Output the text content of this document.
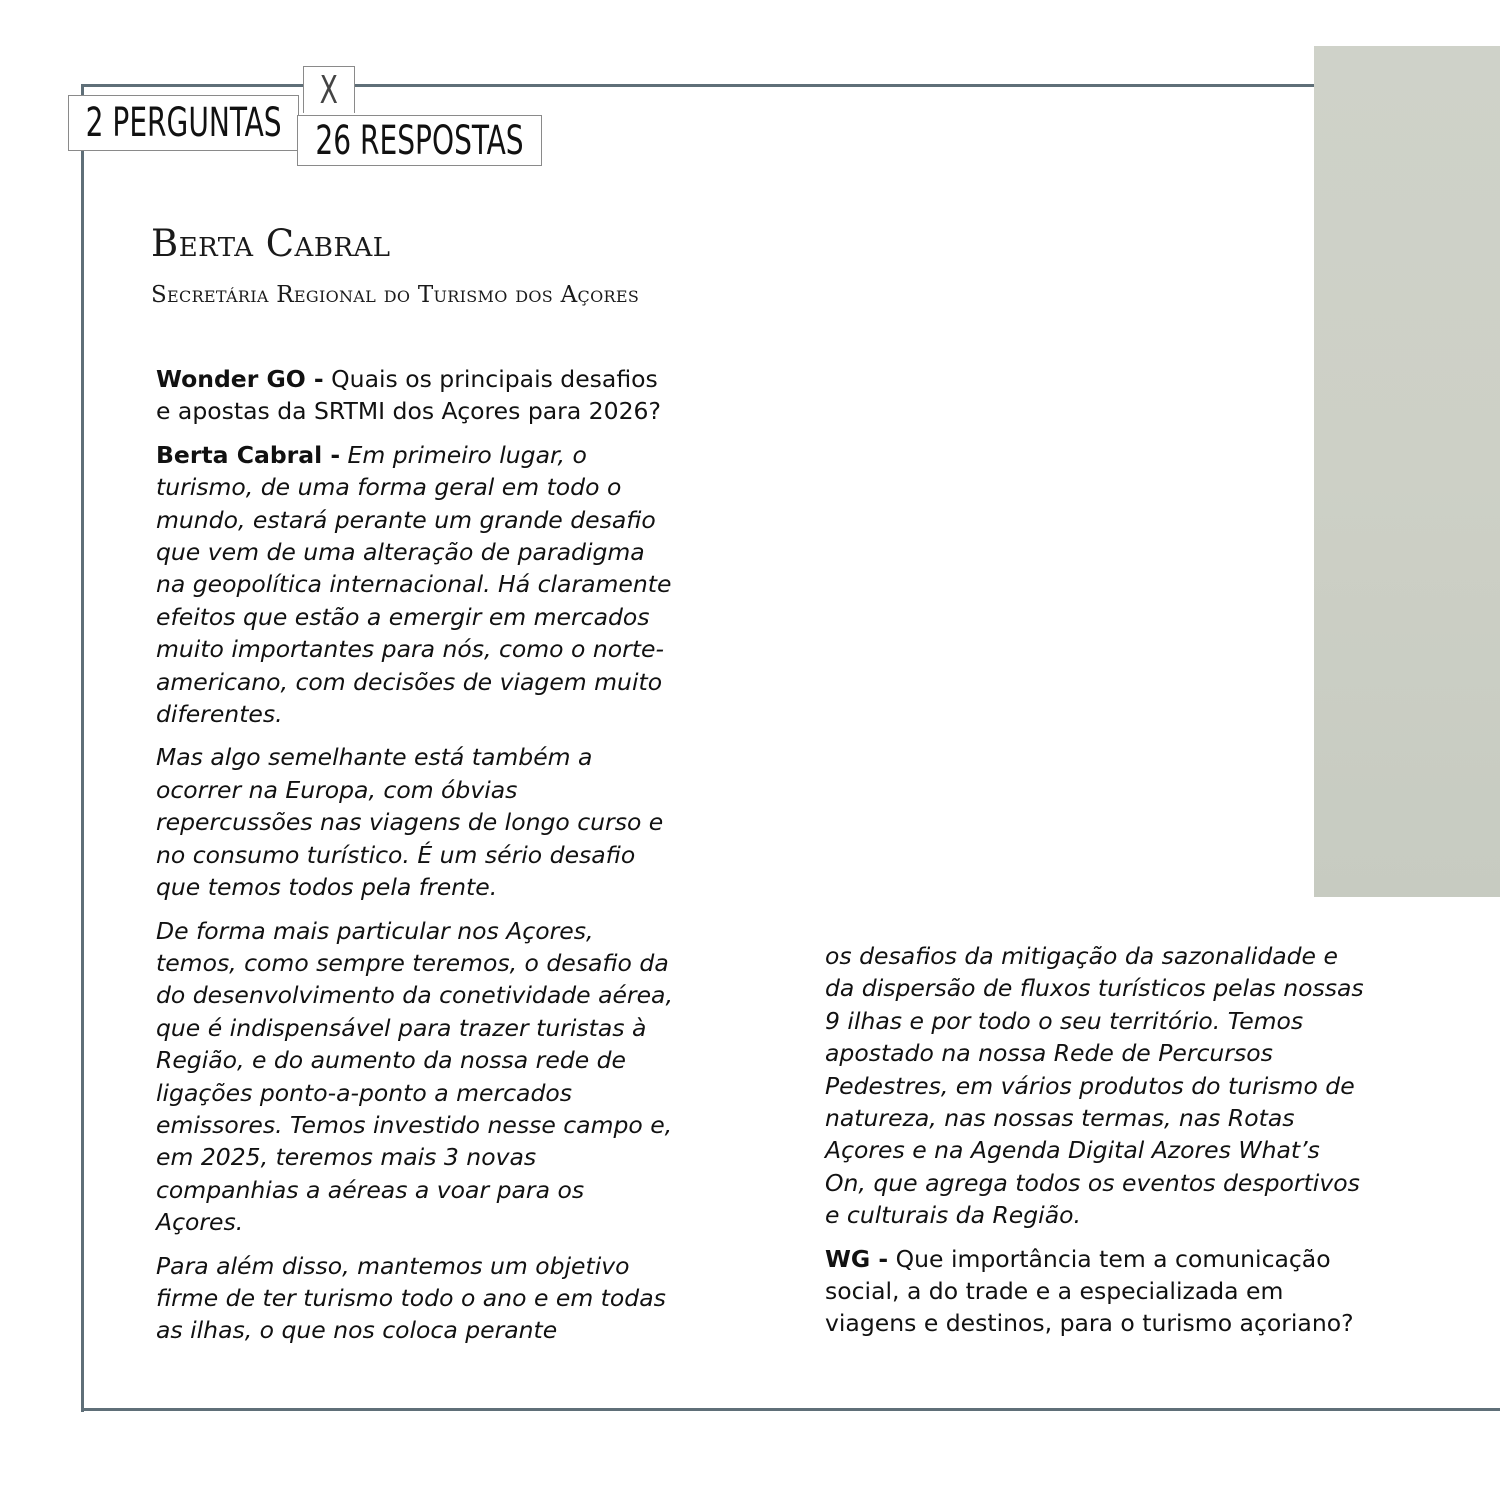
X
2 PERGUNTAS 26 RESPOSTAS
Berta Cabral
Secretária Regional do Turismo dos Açores

Wonder GO - Quais os principais desafios e apostas da SRTMI dos Açores para 2026?

Berta Cabral - Em primeiro lugar, o turismo, de uma forma geral em todo o mundo, estará perante um grande desafio que vem de uma alteração de paradigma na geopolítica internacional. Há claramente efeitos que estão a emergir em mercados muito importantes para nós, como o norte-americano, com decisões de viagem muito diferentes.

Mas algo semelhante está também a ocorrer na Europa, com óbvias repercussões nas viagens de longo curso e no consumo turístico. É um sério desafio que temos todos pela frente.

De forma mais particular nos Açores, temos, como sempre teremos, o desafio da do desenvolvimento da conetividade aérea, que é indispensável para trazer turistas à Região, e do aumento da nossa rede de ligações ponto-a-ponto a mercados emissores. Temos investido nesse campo e, em 2025, teremos mais 3 novas companhias a aéreas a voar para os Açores.

Para além disso, mantemos um objetivo firme de ter turismo todo o ano e em todas as ilhas, o que nos coloca perante

os desafios da mitigação da sazonalidade e da dispersão de fluxos turísticos pelas nossas 9 ilhas e por todo o seu território. Temos apostado na nossa Rede de Percursos Pedestres, em vários produtos do turismo de natureza, nas nossas termas, nas Rotas Açores e na Agenda Digital Azores What’s On, que agrega todos os eventos desportivos e culturais da Região.

WG - Que importância tem a comunicação social, a do trade e a especializada em viagens e destinos, para o turismo açoriano?
